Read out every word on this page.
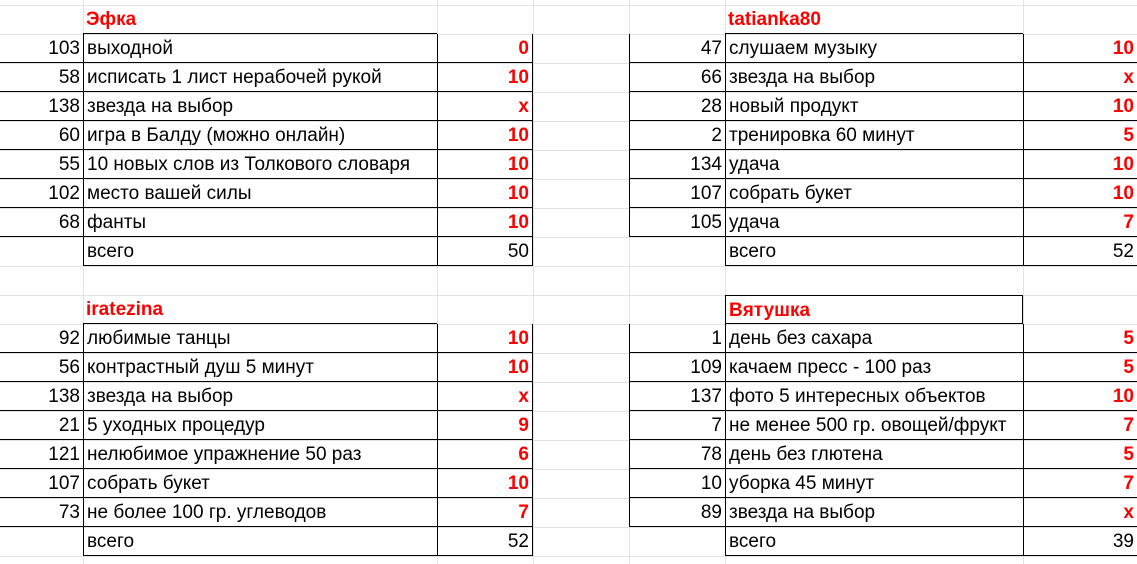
Эфка
103 выходной	0
58 исписать 1 лист нерабочей рукой	10
138 звезда на выбор	x
60 игра в Балду (можно онлайн)	10
55 10 новых слов из Толкового словаря	10
102 место вашей силы	10
68 фанты	10
всего	50
tatianka80
47 слушаем музыку	10
66 звезда на выбор	x
28 новый продукт	10
2 тренировка 60 минут	5
134 удача	10
107 собрать букет	10
105 удача	7
всего	52
iratezina
92 любимые танцы	10
56 контрастный душ 5 минут	10
138 звезда на выбор	x
21 5 уходных процедур	9
121 нелюбимое упражнение 50 раз	6
107 собрать букет	10
73 не более 100 гр. углеводов	7
всего	52
Вятушка
1 день без сахара	5
109 качаем пресс - 100 раз	5
137 фото 5 интересных объектов	10
7 не менее 500 гр. овощей/фрукт	7
78 день без глютена	5
10 уборка 45 минут	7
89 звезда на выбор	x
всего	39
